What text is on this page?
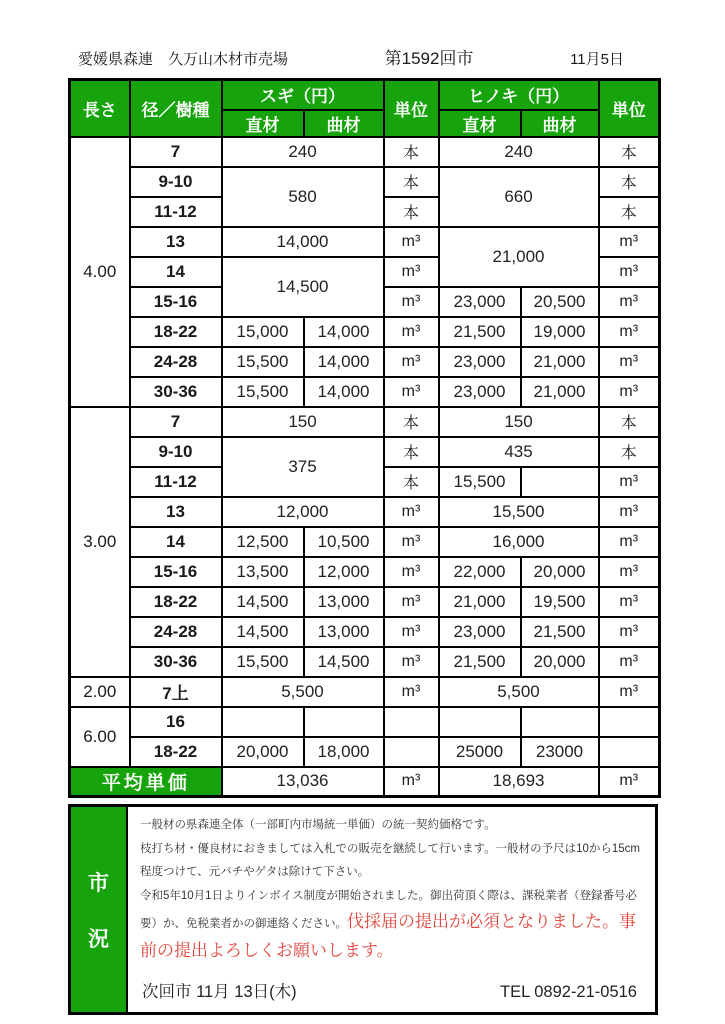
愛媛県森連　久万山木材市売場	第1592回市	11月5日
長さ	径／樹種	スギ（円）		単位	ヒノキ（円）		単位
		直材	曲材		直材	曲材	
4.00	7	240		本	240		本
	9-10	580		本	660		本
	11-12			本			本
	13	14,000		m³	21,000		m³
	14	14,500		m³			m³
	15-16			m³	23,000	20,500	m³
	18-22	15,000	14,000	m³	21,500	19,000	m³
	24-28	15,500	14,000	m³	23,000	21,000	m³
	30-36	15,500	14,000	m³	23,000	21,000	m³
3.00	7	150		本	150		本
	9-10	375		本	435		本
	11-12			本	15,500		m³
	13	12,000		m³	15,500		m³
	14	12,500	10,500	m³	16,000		m³
	15-16	13,500	12,000	m³	22,000	20,000	m³
	18-22	14,500	13,000	m³	21,000	19,500	m³
	24-28	14,500	13,000	m³	23,000	21,500	m³
	30-36	15,500	14,500	m³	21,500	20,000	m³
2.00	7上	5,500		m³	5,500		m³
6.00	16						
	18-22	20,000	18,000		25000	23000	
平均単価		13,036		m³	18,693		m³
市
況

一般材の県森連全体（一部町内市場統一単価）の統一契約価格です。

枝打ち材・優良材におきましては入札での販売を継続して行います。一般材の予尺は10から15cm程度つけて、元バチやゲタは除けて下さい。

令和5年10月1日よりインボイス制度が開始されました。御出荷頂く際は、課税業者（登録番号必要）か、免税業者かの御連絡ください。伐採届の提出が必須となりました。事前の提出よろしくお願いします。

次回市 11月 13日(木)	TEL 0892-21-0516
